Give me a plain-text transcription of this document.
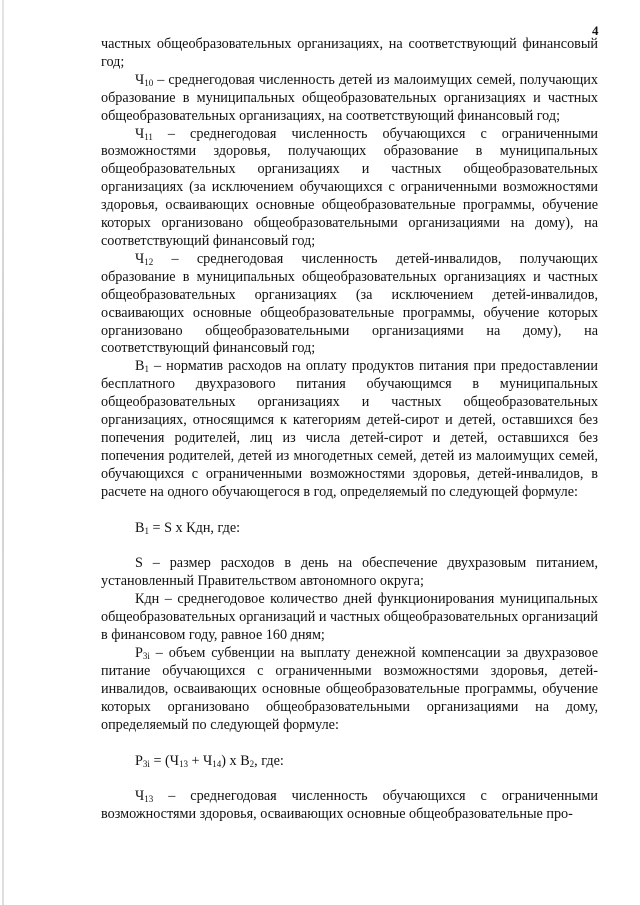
4

частных общеобразовательных организациях, на соответствующий финансовый год;

$Ч_{10}$ – среднегодовая численность детей из малоимущих семей, получающих образование в муниципальных общеобразовательных организациях и частных общеобразовательных организациях, на соответствующий финансовый год;

$Ч_{11}$ – среднегодовая численность обучающихся с ограниченными возможностями здоровья, получающих образование в муниципальных общеобразовательных организациях и частных общеобразовательных организациях (за исключением обучающихся с ограниченными возможностями здоровья, осваивающих основные общеобразовательные программы, обучение которых организовано общеобразовательными организациями на дому), на соответствующий финансовый год;

$Ч_{12}$ – среднегодовая численность детей-инвалидов, получающих образование в муниципальных общеобразовательных организациях и частных общеобразовательных организациях (за исключением детей-инвалидов, осваивающих основные общеобразовательные программы, обучение которых организовано общеобразовательными организациями на дому), на соответствующий финансовый год;

$В_1$ – норматив расходов на оплату продуктов питания при предоставлении бесплатного двухразового питания обучающимся в муниципальных общеобразовательных организациях и частных общеобразовательных организациях, относящимся к категориям детей-сирот и детей, оставшихся без попечения родителей, лиц из числа детей-сирот и детей, оставшихся без попечения родителей, детей из многодетных семей, детей из малоимущих семей, обучающихся с ограниченными возможностями здоровья, детей-инвалидов, в расчете на одного обучающегося в год, определяемый по следующей формуле:

$В_1 = S$ x Кдн, где:

S – размер расходов в день на обеспечение двухразовым питанием, установленный Правительством автономного округа;

Кдн – среднегодовое количество дней функционирования муниципальных общеобразовательных организаций и частных общеобразовательных организаций в финансовом году, равное 160 дням;

$Р_{3i}$ – объем субвенции на выплату денежной компенсации за двухразовое питание обучающихся с ограниченными возможностями здоровья, детей-инвалидов, осваивающих основные общеобразовательные программы, обучение которых организовано общеобразовательными организациями на дому, определяемый по следующей формуле:

$Р_{3i} = (Ч_{13} + Ч_{14})$ х $В_2$, где:

$Ч_{13}$ – среднегодовая численность обучающихся с ограниченными возможностями здоровья, осваивающих основные общеобразовательные про-
